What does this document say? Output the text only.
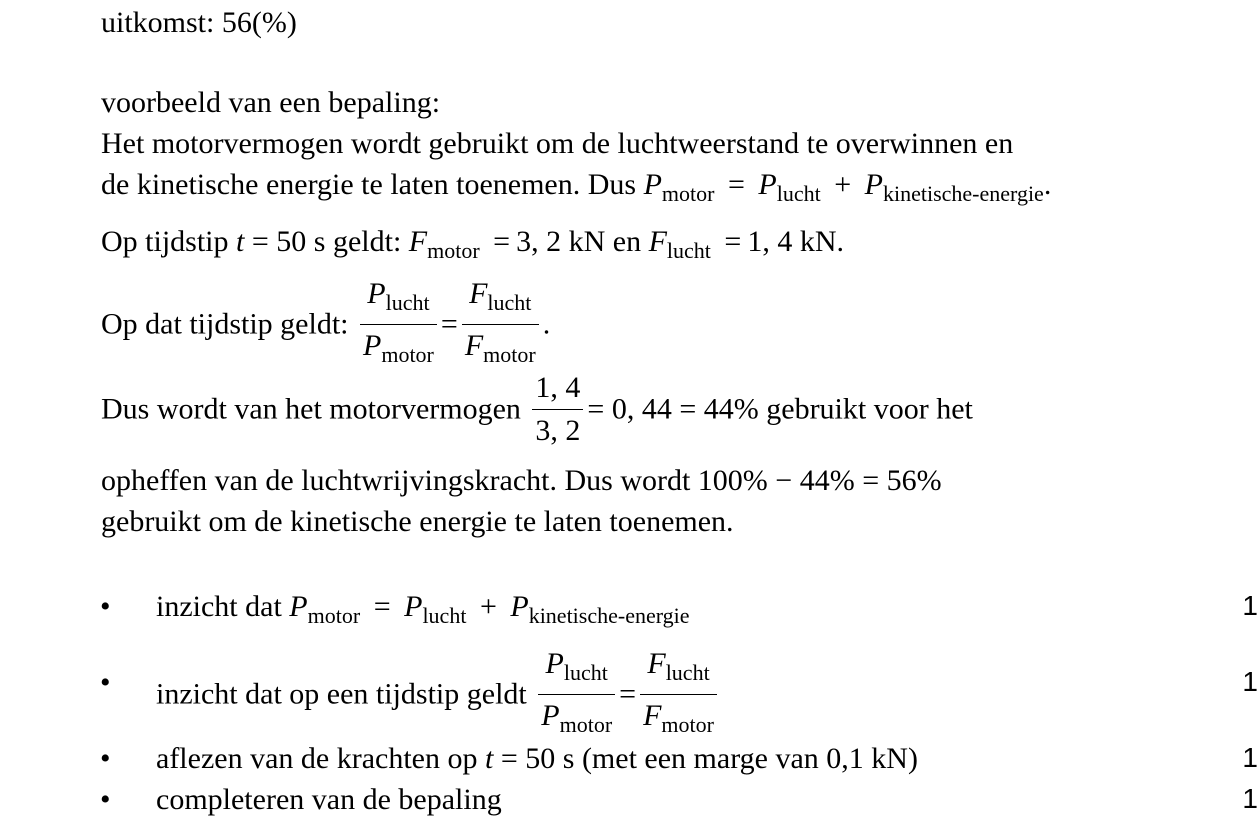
uitkomst: 56(%)
voorbeeld van een bepaling:
Het motorvermogen wordt gebruikt om de luchtweerstand te overwinnen en
de kinetische energie te laten toenemen. Dus $P_{motor} = P_{lucht} + P_{kinetische-energie}$.
Op tijdstip t = 50 s geldt: $F_{motor} = 3$, 2 kN en $F_{lucht} = 1$, 4 kN.
Op dat tijdstip geldt: $\frac{P_{lucht}}{P_{motor}} = \frac{F_{lucht}}{F_{motor}}$ .
Dus wordt van het motorvermogen $\frac{1, 4}{3, 2} = 0$, 44 = 44% gebruikt voor het
opheffen van de luchtwrijvingskracht. Dus wordt 100% − 44% = 56%
gebruikt om de kinetische energie te laten toenemen.
• inzicht dat $P_{motor} = P_{lucht} + P_{kinetische-energie}$	1
• inzicht dat op een tijdstip geldt $\frac{P_{lucht}}{P_{motor}} = \frac{F_{lucht}}{F_{motor}}$	1
• aflezen van de krachten op t = 50 s (met een marge van 0,1 kN)	1
• completeren van de bepaling	1
